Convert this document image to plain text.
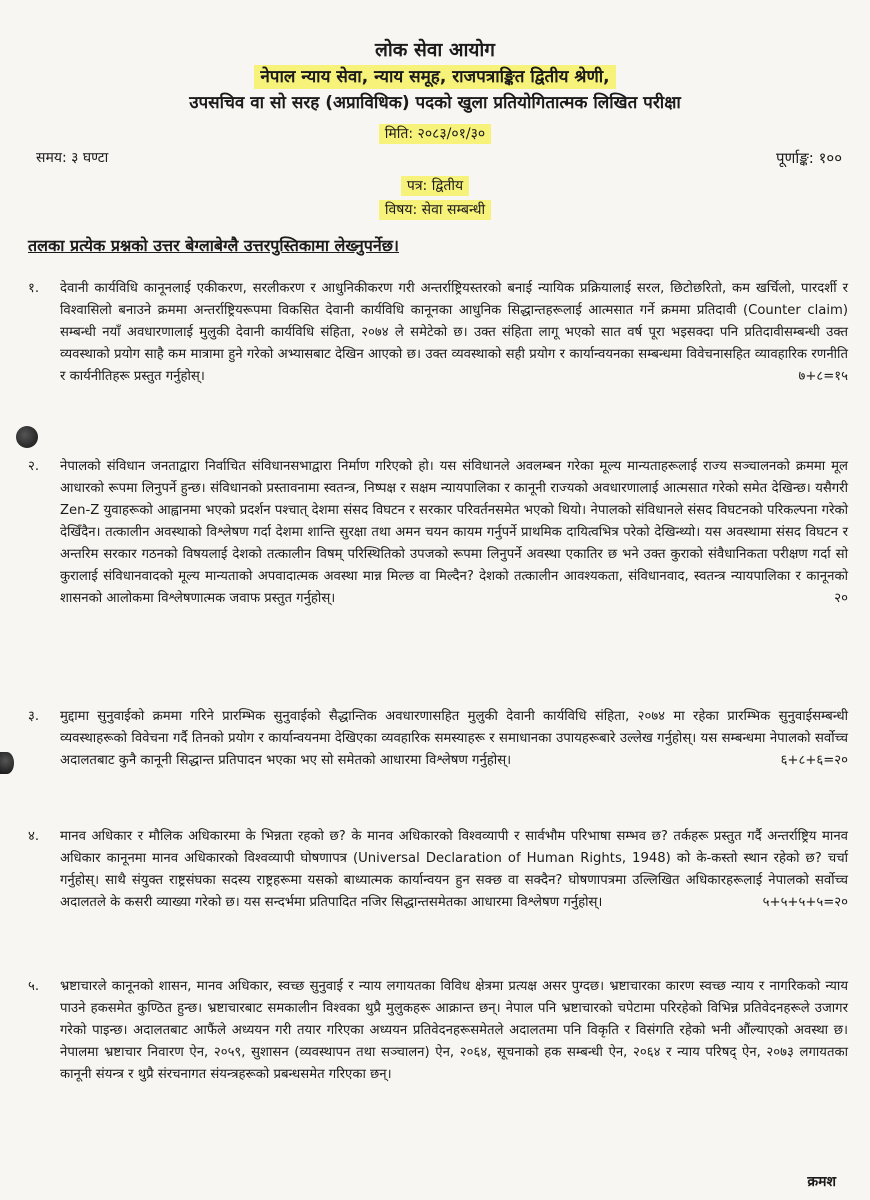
लोक सेवा आयोग
नेपाल न्याय सेवा, न्याय समूह, राजपत्राङ्कित द्वितीय श्रेणी,
उपसचिव वा सो सरह (अप्राविधिक) पदको खुला प्रतियोगितात्मक लिखित परीक्षा
मिति: २०८३/०१/३०
समय: ३ घण्टा	पूर्णाङ्क: १००
पत्र: द्वितीय
विषय: सेवा सम्बन्धी
तलका प्रत्येक प्रश्नको उत्तर बेग्लाबेग्लै उत्तरपुस्तिकामा लेख्नुपर्नेछ।
१.	देवानी कार्यविधि कानूनलाई एकीकरण, सरलीकरण र आधुनिकीकरण गरी अन्तर्राष्ट्रियस्तरको बनाई न्यायिक प्रक्रियालाई सरल, छिटोछरितो, कम खर्चिलो, पारदर्शी र विश्वासिलो बनाउने क्रममा अन्तर्राष्ट्रियरूपमा विकसित देवानी कार्यविधि कानूनका आधुनिक सिद्धान्तहरूलाई आत्मसात गर्ने क्रममा प्रतिदावी (Counter claim) सम्बन्धी नयाँ अवधारणालाई मुलुकी देवानी कार्यविधि संहिता, २०७४ ले समेटेको छ। उक्त संहिता लागू भएको सात वर्ष पूरा भइसक्दा पनि प्रतिदावीसम्बन्धी उक्त व्यवस्थाको प्रयोग साहै कम मात्रामा हुने गरेको अभ्यासबाट देखिन आएको छ। उक्त व्यवस्थाको सही प्रयोग र कार्यान्वयनका सम्बन्धमा विवेचनासहित व्यावहारिक रणनीति र कार्यनीतिहरू प्रस्तुत गर्नुहोस्।	७+८=१५
२.	नेपालको संविधान जनताद्वारा निर्वाचित संविधानसभाद्वारा निर्माण गरिएको हो। यस संविधानले अवलम्बन गरेका मूल्य मान्यताहरूलाई राज्य सञ्चालनको क्रममा मूल आधारको रूपमा लिनुपर्ने हुन्छ। संविधानको प्रस्तावनामा स्वतन्त्र, निष्पक्ष र सक्षम न्यायपालिका र कानूनी राज्यको अवधारणालाई आत्मसात गरेको समेत देखिन्छ। यसैगरी Zen-Z युवाहरूको आह्वानमा भएको प्रदर्शन पश्चात् देशमा संसद विघटन र सरकार परिवर्तनसमेत भएको थियो। नेपालको संविधानले संसद विघटनको परिकल्पना गरेको देखिँदैन। तत्कालीन अवस्थाको विश्लेषण गर्दा देशमा शान्ति सुरक्षा तथा अमन चयन कायम गर्नुपर्ने प्राथमिक दायित्वभित्र परेको देखिन्थ्यो। यस अवस्थामा संसद विघटन र अन्तरिम सरकार गठनको विषयलाई देशको तत्कालीन विषम् परिस्थितिको उपजको रूपमा लिनुपर्ने अवस्था एकातिर छ भने उक्त कुराको संवैधानिकता परीक्षण गर्दा सो कुरालाई संविधानवादको मूल्य मान्यताको अपवादात्मक अवस्था मान्न मिल्छ वा मिल्दैन? देशको तत्कालीन आवश्यकता, संविधानवाद, स्वतन्त्र न्यायपालिका र कानूनको शासनको आलोकमा विश्लेषणात्मक जवाफ प्रस्तुत गर्नुहोस्।	२०
३.	मुद्दामा सुनुवाईको क्रममा गरिने प्रारम्भिक सुनुवाईको सैद्धान्तिक अवधारणासहित मुलुकी देवानी कार्यविधि संहिता, २०७४ मा रहेका प्रारम्भिक सुनुवाईसम्बन्धी व्यवस्थाहरूको विवेचना गर्दै तिनको प्रयोग र कार्यान्वयनमा देखिएका व्यवहारिक समस्याहरू र समाधानका उपायहरूबारे उल्लेख गर्नुहोस्। यस सम्बन्धमा नेपालको सर्वोच्च अदालतबाट कुनै कानूनी सिद्धान्त प्रतिपादन भएका भए सो समेतको आधारमा विश्लेषण गर्नुहोस्।	६+८+६=२०
४.	मानव अधिकार र मौलिक अधिकारमा के भिन्नता रहको छ? के मानव अधिकारको विश्वव्यापी र सार्वभौम परिभाषा सम्भव छ? तर्कहरू प्रस्तुत गर्दै अन्तर्राष्ट्रिय मानव अधिकार कानूनमा मानव अधिकारको विश्वव्यापी घोषणापत्र (Universal Declaration of Human Rights, 1948) को के-कस्तो स्थान रहेको छ? चर्चा गर्नुहोस्। साथै संयुक्त राष्ट्रसंघका सदस्य राष्ट्रहरूमा यसको बाध्यात्मक कार्यान्वयन हुन सक्छ वा सक्दैन? घोषणापत्रमा उल्लिखित अधिकारहरूलाई नेपालको सर्वोच्च अदालतले के कसरी व्याख्या गरेको छ। यस सन्दर्भमा प्रतिपादित नजिर सिद्धान्तसमेतका आधारमा विश्लेषण गर्नुहोस्।	५+५+५+५=२०
५.	भ्रष्टाचारले कानूनको शासन, मानव अधिकार, स्वच्छ सुनुवाई र न्याय लगायतका विविध क्षेत्रमा प्रत्यक्ष असर पुग्दछ। भ्रष्टाचारका कारण स्वच्छ न्याय र नागरिकको न्याय पाउने हकसमेत कुण्ठित हुन्छ। भ्रष्टाचारबाट समकालीन विश्वका थुप्रै मुलुकहरू आक्रान्त छन्। नेपाल पनि भ्रष्टाचारको चपेटामा परिरहेको विभिन्न प्रतिवेदनहरूले उजागर गरेको पाइन्छ। अदालतबाट आफैंले अध्ययन गरी तयार गरिएका अध्ययन प्रतिवेदनहरूसमेतले अदालतमा पनि विकृति र विसंगति रहेको भनी औंल्याएको अवस्था छ। नेपालमा भ्रष्टाचार निवारण ऐन, २०५९, सुशासन (व्यवस्थापन तथा सञ्चालन) ऐन, २०६४, सूचनाको हक सम्बन्धी ऐन, २०६४ र न्याय परिषद् ऐन, २०७३ लगायतका कानूनी संयन्त्र र थुप्रै संरचनागत संयन्त्रहरूको प्रबन्धसमेत गरिएका छन्।
क्रमश
